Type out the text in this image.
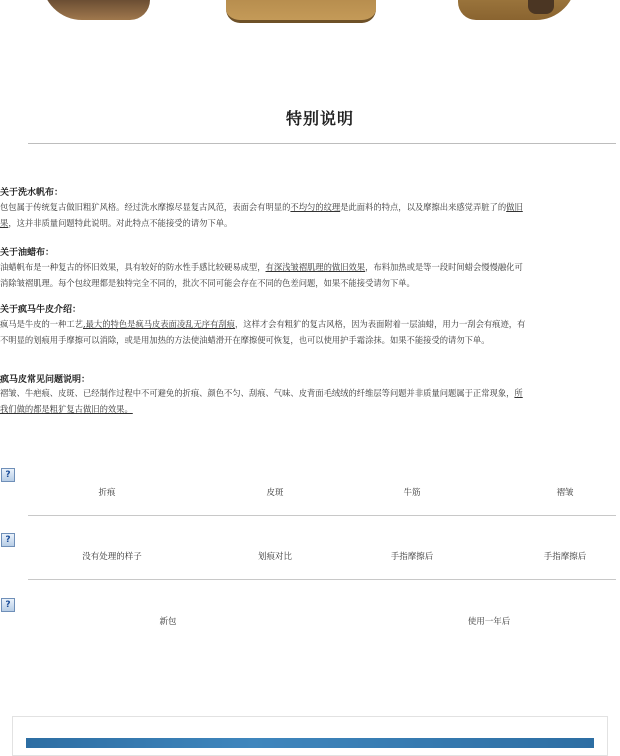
特别说明
关于洗水帆布：
包包属于传统复古做旧粗犷风格。经过洗水摩擦尽显复古风范，表面会有明显的不均匀的纹理是此面料的特点，以及摩擦出来感觉弄脏了的做旧
果，这并非质量问题特此说明。对此特点不能接受的请勿下单。
关于油蜡布：
油蜡帆布是一种复古的怀旧效果，具有较好的防水性手感比较硬易成型，有深浅皱褶肌理的做旧效果，布料加热或是等一段时间蜡会慢慢融化可
消除皱褶肌理。每个包纹理都是独特完全不同的，批次不同可能会存在不同的色差问题，如果不能接受请勿下单。
关于疯马牛皮介绍：
疯马是牛皮的一种工艺,最大的特色是疯马皮表面凌乱无序有刮痕，这样才会有粗犷的复古风格，因为表面附着一层油蜡，用力一刮会有痕迹，有
不明显的划痕用手摩擦可以消除，或是用加热的方法使油蜡滑开在摩擦便可恢复，也可以使用护手霜涂抹。如果不能接受的请勿下单。
疯马皮常见问题说明：
褶皱、牛疤痕、皮斑、已经制作过程中不可避免的折痕、颜色不匀、刮痕、气味、皮背面毛绒绒的纤维层等问题并非质量问题属于正常现象，所
我们做的都是粗犷复古做旧的效果。
?
折痕	皮斑	牛筋	褶皱
?
没有处理的样子	划痕对比	手指摩擦后	手指摩擦后
?
新包	使用一年后
